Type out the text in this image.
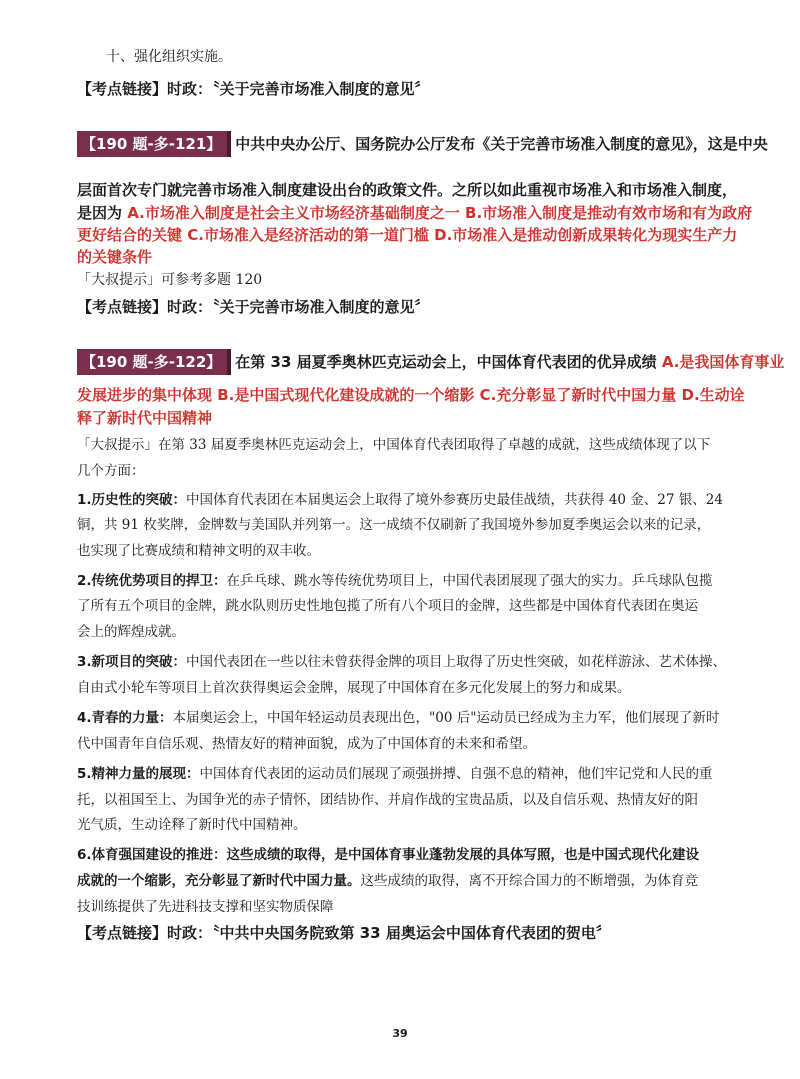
十、强化组织实施。
【考点链接】时政：〝关于完善市场准入制度的意见〞
【190 题-多-121】 中共中央办公厅、国务院办公厅发布《关于完善市场准入制度的意见》，这是中央
层面首次专门就完善市场准入制度建设出台的政策文件。之所以如此重视市场准入和市场准入制度，
是因为 A.市场准入制度是社会主义市场经济基础制度之一 B.市场准入制度是推动有效市场和有为政府
更好结合的关键 C.市场准入是经济活动的第一道门槛 D.市场准入是推动创新成果转化为现实生产力
的关键条件
「大叔提示」可参考多题 120
【考点链接】时政：〝关于完善市场准入制度的意见〞
【190 题-多-122】 在第 33 届夏季奥林匹克运动会上，中国体育代表团的优异成绩 A.是我国体育事业
发展进步的集中体现 B.是中国式现代化建设成就的一个缩影 C.充分彰显了新时代中国力量 D.生动诠
释了新时代中国精神
「大叔提示」在第 33 届夏季奥林匹克运动会上，中国体育代表团取得了卓越的成就，这些成绩体现了以下
几个方面：
1.历史性的突破：中国体育代表团在本届奥运会上取得了境外参赛历史最佳战绩，共获得 40 金、27 银、24
铜，共 91 枚奖牌，金牌数与美国队并列第一。这一成绩不仅刷新了我国境外参加夏季奥运会以来的记录，
也实现了比赛成绩和精神文明的双丰收。
2.传统优势项目的捍卫：在乒乓球、跳水等传统优势项目上，中国代表团展现了强大的实力。乒乓球队包揽
了所有五个项目的金牌，跳水队则历史性地包揽了所有八个项目的金牌，这些都是中国体育代表团在奥运
会上的辉煌成就。
3.新项目的突破：中国代表团在一些以往未曾获得金牌的项目上取得了历史性突破，如花样游泳、艺术体操、
自由式小轮车等项目上首次获得奥运会金牌，展现了中国体育在多元化发展上的努力和成果。
4.青春的力量：本届奥运会上，中国年轻运动员表现出色，"00 后"运动员已经成为主力军，他们展现了新时
代中国青年自信乐观、热情友好的精神面貌，成为了中国体育的未来和希望。
5.精神力量的展现：中国体育代表团的运动员们展现了顽强拼搏、自强不息的精神，他们牢记党和人民的重
托，以祖国至上、为国争光的赤子情怀，团结协作、并肩作战的宝贵品质，以及自信乐观、热情友好的阳
光气质，生动诠释了新时代中国精神。
6.体育强国建设的推进：这些成绩的取得，是中国体育事业蓬勃发展的具体写照，也是中国式现代化建设
成就的一个缩影，充分彰显了新时代中国力量。这些成绩的取得，离不开综合国力的不断增强，为体育竞
技训练提供了先进科技支撑和坚实物质保障
【考点链接】时政：〝中共中央国务院致第 33 届奥运会中国体育代表团的贺电〞
39
